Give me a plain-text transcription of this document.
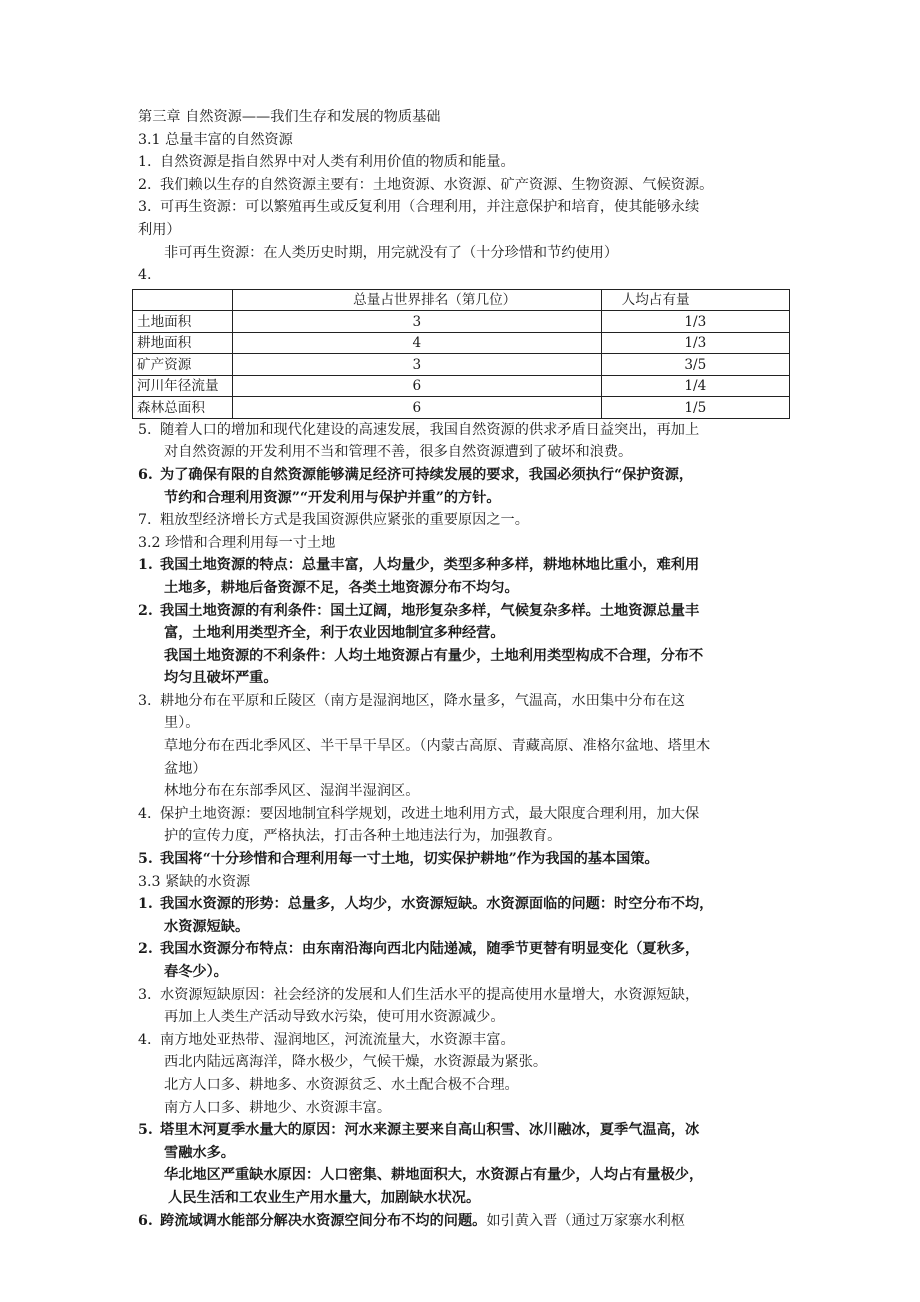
第三章 自然资源——我们生存和发展的物质基础
3.1 总量丰富的自然资源
1. 自然资源是指自然界中对人类有利用价值的物质和能量。
2. 我们赖以生存的自然资源主要有：土地资源、水资源、矿产资源、生物资源、气候资源。
3. 可再生资源：可以繁殖再生或反复利用（合理利用，并注意保护和培育，使其能够永续
利用）
非可再生资源：在人类历史时期，用完就没有了（十分珍惜和节约使用）
4.
	总量占世界排名（第几位）	人均占有量
土地面积	3	1/3
耕地面积	4	1/3
矿产资源	3	3/5
河川年径流量	6	1/4
森林总面积	6	1/5
5. 随着人口的增加和现代化建设的高速发展，我国自然资源的供求矛盾日益突出，再加上
对自然资源的开发利用不当和管理不善，很多自然资源遭到了破坏和浪费。
6. 为了确保有限的自然资源能够满足经济可持续发展的要求，我国必须执行“保护资源，
节约和合理利用资源”“开发利用与保护并重”的方针。
7. 粗放型经济增长方式是我国资源供应紧张的重要原因之一。
3.2 珍惜和合理利用每一寸土地
1. 我国土地资源的特点：总量丰富，人均量少，类型多种多样，耕地林地比重小，难利用
土地多，耕地后备资源不足，各类土地资源分布不均匀。
2. 我国土地资源的有利条件：国土辽阔，地形复杂多样，气候复杂多样。土地资源总量丰
富，土地利用类型齐全，利于农业因地制宜多种经营。
我国土地资源的不利条件：人均土地资源占有量少，土地利用类型构成不合理，分布不
均匀且破坏严重。
3. 耕地分布在平原和丘陵区（南方是湿润地区，降水量多，气温高，水田集中分布在这
里）。
草地分布在西北季风区、半干旱干旱区。（内蒙古高原、青藏高原、准格尔盆地、塔里木
盆地）
林地分布在东部季风区、湿润半湿润区。
4. 保护土地资源：要因地制宜科学规划，改进土地利用方式，最大限度合理利用，加大保
护的宣传力度，严格执法，打击各种土地违法行为，加强教育。
5. 我国将“十分珍惜和合理利用每一寸土地，切实保护耕地”作为我国的基本国策。
3.3 紧缺的水资源
1. 我国水资源的形势：总量多，人均少，水资源短缺。水资源面临的问题：时空分布不均，
水资源短缺。
2. 我国水资源分布特点：由东南沿海向西北内陆递减，随季节更替有明显变化（夏秋多，
春冬少）。
3. 水资源短缺原因：社会经济的发展和人们生活水平的提高使用水量增大，水资源短缺，
再加上人类生产活动导致水污染，使可用水资源减少。
4. 南方地处亚热带、湿润地区，河流流量大，水资源丰富。
西北内陆远离海洋，降水极少，气候干燥，水资源最为紧张。
北方人口多、耕地多、水资源贫乏、水土配合极不合理。
南方人口多、耕地少、水资源丰富。
5. 塔里木河夏季水量大的原因：河水来源主要来自高山积雪、冰川融冰，夏季气温高，冰
雪融水多。
华北地区严重缺水原因：人口密集、耕地面积大，水资源占有量少，人均占有量极少，
人民生活和工农业生产用水量大，加剧缺水状况。
6. 跨流域调水能部分解决水资源空间分布不均的问题。如引黄入晋（通过万家寨水利枢
